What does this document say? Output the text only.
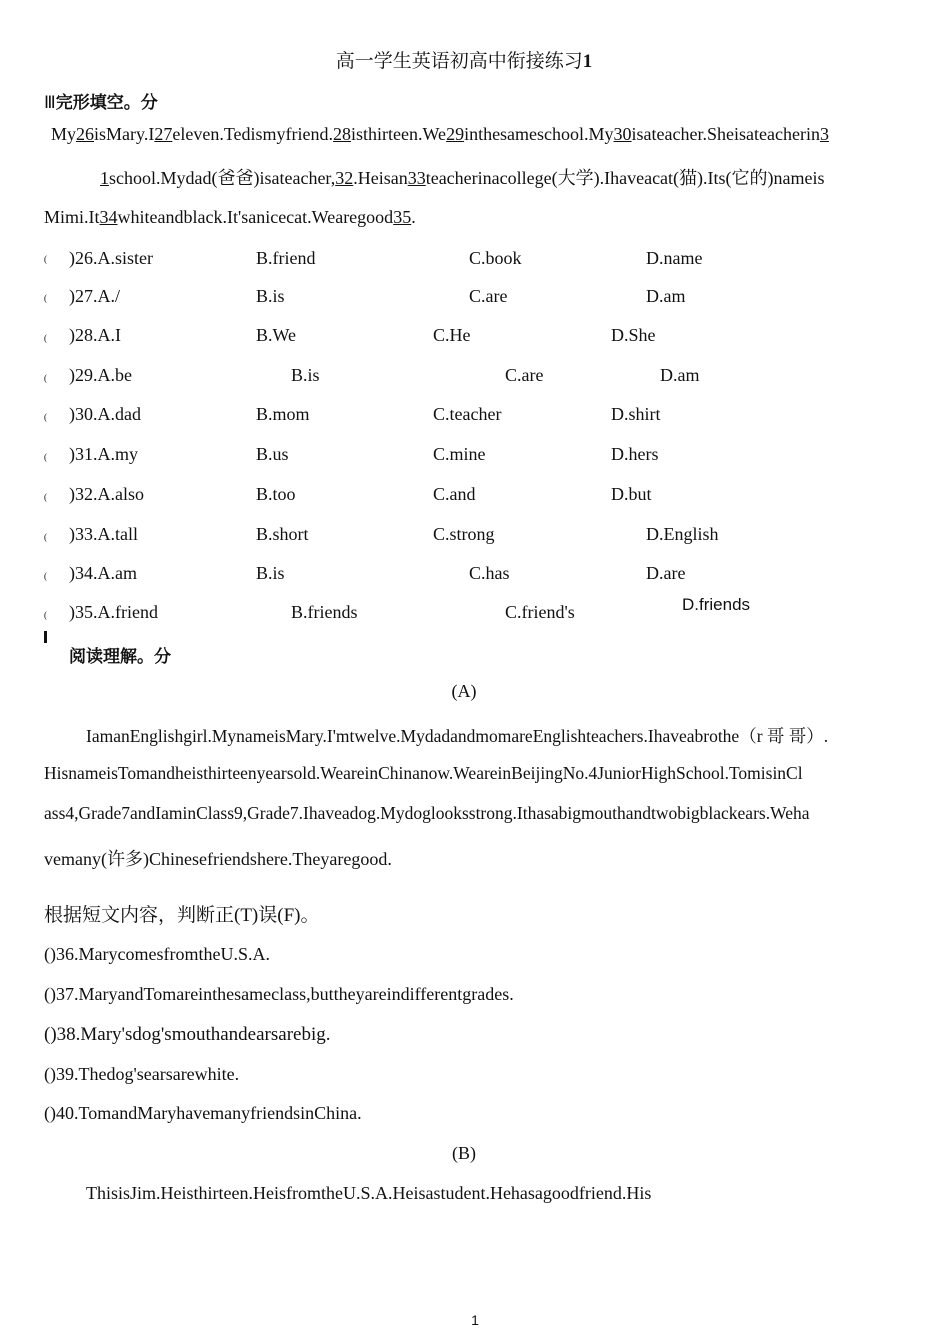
高一学生英语初高中衔接练习1
Ⅲ完形填空。分
My26isMary.I27eleven.Tedismyfriend.28isthirteen.We29inthesameschool.My30isateacher.Sheisateacherin3
1school.Mydad(爸爸)isateacher,32.Heisan33teacherinacollege(大学).Ihaveacat(猫).Its(它的)nameis
Mimi.It34whiteandblack.It'sanicecat.Wearegood35.
( )26.A.sister	B.friend	C.book	D.name
( )27.A./	B.is	C.are	D.am
( )28.A.I	B.We	C.He	D.She
( )29.A.be	B.is	C.are	D.am
( )30.A.dad	B.mom	C.teacher	D.shirt
( )31.A.my	B.us	C.mine	D.hers
( )32.A.also	B.too	C.and	D.but
( )33.A.tall	B.short	C.strong	D.English
( )34.A.am	B.is	C.has	D.are
( )35.A.friend	B.friends	C.friend's	D.friends
阅读理解。分
(A)
IamanEnglishgirl.MynameisMary.I'mtwelve.MydadandmomareEnglishteachers.Ihaveabrothe（r 哥 哥）.
HisnameisTomandheisthirteenyearsold.WeareinChinanow.WeareinBeijingNo.4JuniorHighSchool.TomisinCl
ass4,Grade7andIaminClass9,Grade7.Ihaveadog.Mydoglooksstrong.Ithasabigmouthandtwobigblackears.Weha
vemany(许多)Chinesefriendshere.Theyaregood.
根据短文内容，判断正(T)误(F)。
()36.MarycomesfromtheU.S.A.
()37.MaryandTomareinthesameclass,buttheyareindifferentgrades.
()38.Mary'sdog'smouthandearsarebig.
()39.Thedog'searsarewhite.
()40.TomandMaryhavemanyfriendsinChina.
(B)
ThisisJim.Heisthirteen.HeisfromtheU.S.A.Heisastudent.Hehasagoodfriend.His
1
